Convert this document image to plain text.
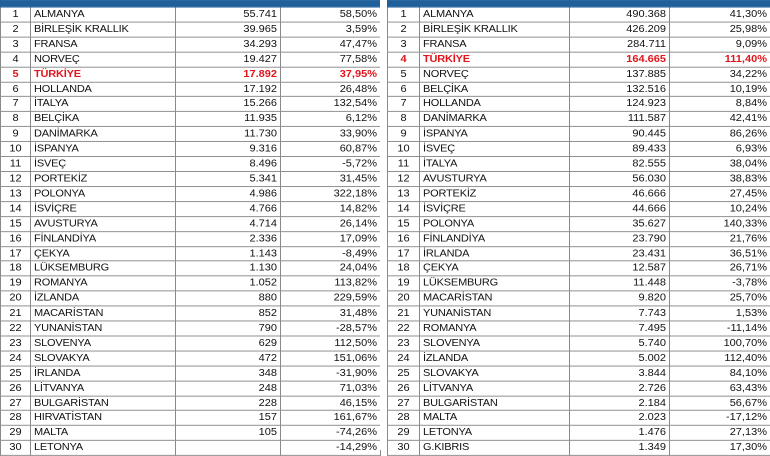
1	ALMANYA	55.741	58,50%
2	BİRLEŞİK KRALLIK	39.965	3,59%
3	FRANSA	34.293	47,47%
4	NORVEÇ	19.427	77,58%
5	TÜRKİYE	17.892	37,95%
6	HOLLANDA	17.192	26,48%
7	İTALYA	15.266	132,54%
8	BELÇİKA	11.935	6,12%
9	DANİMARKA	11.730	33,90%
10	İSPANYA	9.316	60,87%
11	İSVEÇ	8.496	-5,72%
12	PORTEKİZ	5.341	31,45%
13	POLONYA	4.986	322,18%
14	İSVİÇRE	4.766	14,82%
15	AVUSTURYA	4.714	26,14%
16	FİNLANDİYA	2.336	17,09%
17	ÇEKYA	1.143	-8,49%
18	LÜKSEMBURG	1.130	24,04%
19	ROMANYA	1.052	113,82%
20	İZLANDA	880	229,59%
21	MACARİSTAN	852	31,48%
22	YUNANİSTAN	790	-28,57%
23	SLOVENYA	629	112,50%
24	SLOVAKYA	472	151,06%
25	İRLANDA	348	-31,90%
26	LİTVANYA	248	71,03%
27	BULGARİSTAN	228	46,15%
28	HIRVATİSTAN	157	161,67%
29	MALTA	105	-74,26%
30	LETONYA		-14,29%

1	ALMANYA	490.368	41,30%
2	BİRLEŞİK KRALLIK	426.209	25,98%
3	FRANSA	284.711	9,09%
4	TÜRKİYE	164.665	111,40%
5	NORVEÇ	137.885	34,22%
6	BELÇİKA	132.516	10,19%
7	HOLLANDA	124.923	8,84%
8	DANİMARKA	111.587	42,41%
9	İSPANYA	90.445	86,26%
10	İSVEÇ	89.433	6,93%
11	İTALYA	82.555	38,04%
12	AVUSTURYA	56.030	38,83%
13	PORTEKİZ	46.666	27,45%
14	İSVİÇRE	44.666	10,24%
15	POLONYA	35.627	140,33%
16	FİNLANDİYA	23.790	21,76%
17	İRLANDA	23.431	36,51%
18	ÇEKYA	12.587	26,71%
19	LÜKSEMBURG	11.448	-3,78%
20	MACARİSTAN	9.820	25,70%
21	YUNANİSTAN	7.743	1,53%
22	ROMANYA	7.495	-11,14%
23	SLOVENYA	5.740	100,70%
24	İZLANDA	5.002	112,40%
25	SLOVAKYA	3.844	84,10%
26	LİTVANYA	2.726	63,43%
27	BULGARİSTAN	2.184	56,67%
28	MALTA	2.023	-17,12%
29	LETONYA	1.476	27,13%
30	G.KIBRIS	1.349	17,30%
